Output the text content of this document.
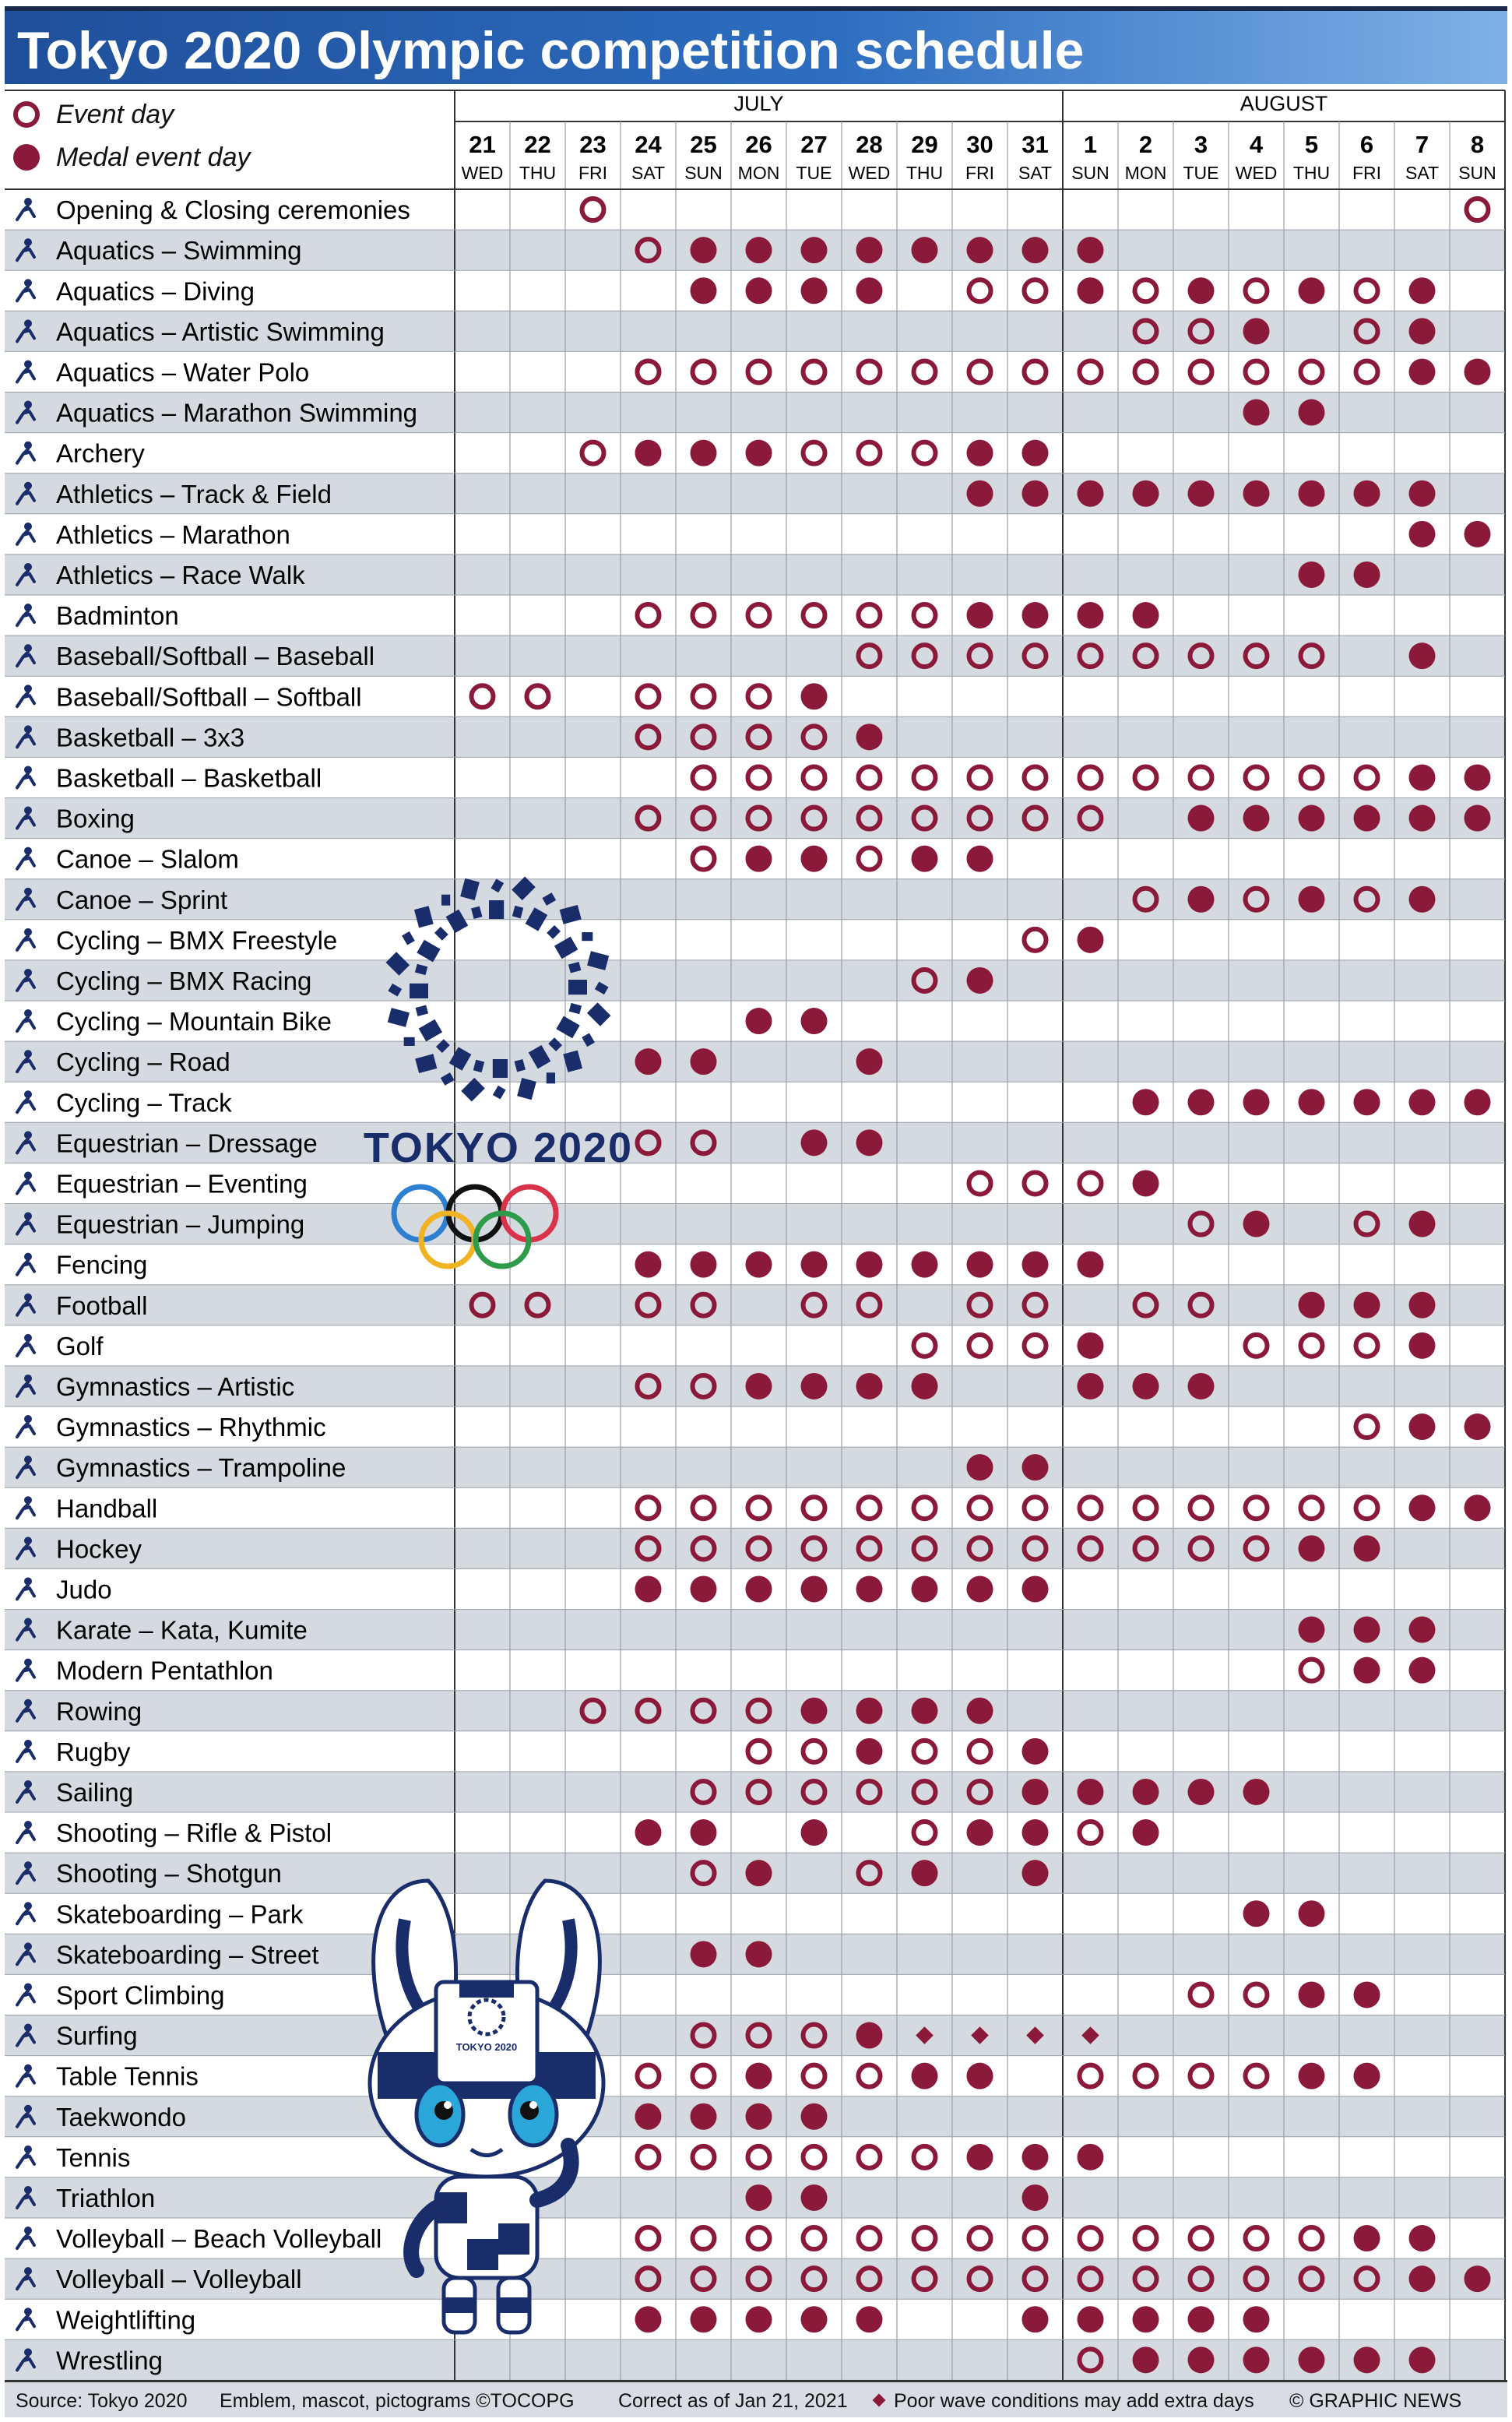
Tokyo 2020 Olympic competition schedule
Event day
Medal event day
JULY	AUGUST
21
WED
22
THU
23
FRI
24
SAT
25
SUN
26
MON
27
TUE
28
WED
29
THU
30
FRI
31
SAT
1
SUN
2
MON
3
TUE
4
WED
5
THU
6
FRI
7
SAT
8
SUN
Opening & Closing ceremonies
Aquatics – Swimming
Aquatics – Diving
Aquatics – Artistic Swimming
Aquatics – Water Polo
Aquatics – Marathon Swimming
Archery
Athletics – Track & Field
Athletics – Marathon
Athletics – Race Walk
Badminton
Baseball/Softball – Baseball
Baseball/Softball – Softball
Basketball – 3x3
Basketball – Basketball
Boxing
Canoe – Slalom
Canoe – Sprint
Cycling – BMX Freestyle
Cycling – BMX Racing
Cycling – Mountain Bike
Cycling – Road
Cycling – Track
Equestrian – Dressage
Equestrian – Eventing
Equestrian – Jumping
Fencing
Football
Golf
Gymnastics – Artistic
Gymnastics – Rhythmic
Gymnastics – Trampoline
Handball
Hockey
Judo
Karate – Kata, Kumite
Modern Pentathlon
Rowing
Rugby
Sailing
Shooting – Rifle & Pistol
Shooting – Shotgun
Skateboarding – Park
Skateboarding – Street
Sport Climbing
Surfing
Table Tennis
Taekwondo
Tennis
Triathlon
Volleyball – Beach Volleyball
Volleyball – Volleyball
Weightlifting
Wrestling
TOKYO 2020
TOKYO 2020
Source: Tokyo 2020 Emblem, mascot, pictograms ©TOCOPG Correct as of Jan 21, 2021 Poor wave conditions may add extra days © GRAPHIC NEWS
